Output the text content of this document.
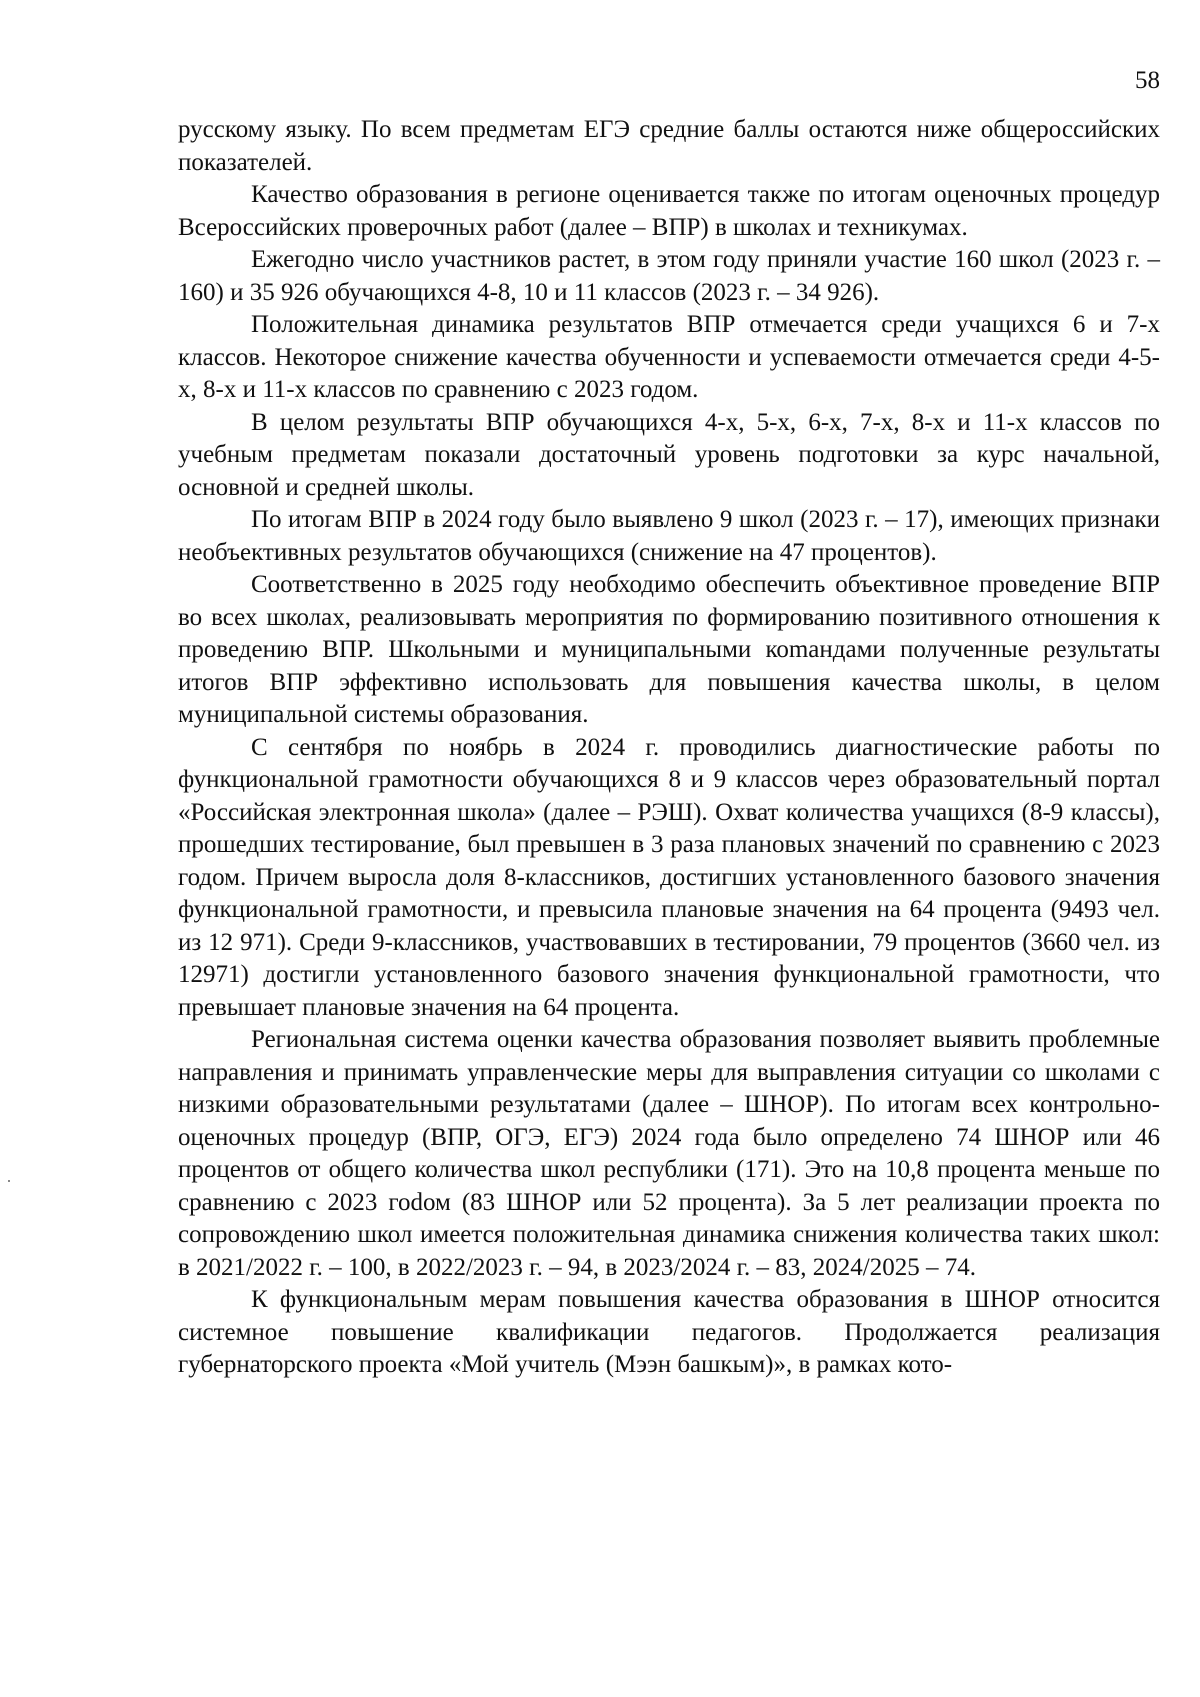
58

русскому языку. По всем предметам ЕГЭ средние баллы остаются ниже общероссийских показателей.

Качество образования в регионе оценивается также по итогам оценочных процедур Всероссийских проверочных работ (далее – ВПР) в школах и техникумах.

Ежегодно число участников растет, в этом году приняли участие 160 школ (2023 г. – 160) и 35 926 обучающихся 4-8, 10 и 11 классов (2023 г. – 34 926).

Положительная динамика результатов ВПР отмечается среди учащихся 6 и 7-х классов. Некоторое снижение качества обученности и успеваемости отмечается среди 4-5-х, 8-х и 11-х классов по сравнению с 2023 годом.

В целом результаты ВПР обучающихся 4-х, 5-х, 6-х, 7-х, 8-х и 11-х классов по учебным предметам показали достаточный уровень подготовки за курс начальной, основной и средней школы.

По итогам ВПР в 2024 году было выявлено 9 школ (2023 г. – 17), имеющих признаки необъективных результатов обучающихся (снижение на 47 процентов).

Соответственно в 2025 году необходимо обеспечить объективное проведение ВПР во всех школах, реализовывать мероприятия по формированию позитивного отношения к проведению ВПР. Школьными и муниципальными коmандами полученные результаты итогов ВПР эффективно использовать для повышения качества школы, в целом муниципальной системы образования.

С сентября по ноябрь в 2024 г. проводились диагностические работы по функциональной грамотности обучающихся 8 и 9 классов через образовательный портал «Российская электронная школа» (далее – РЭШ). Охват количества учащихся (8-9 классы), прошедших тестирование, был превышен в 3 раза плановых значений по сравнению с 2023 годом. Причем выросла доля 8-классников, достигших установленного базового значения функциональной грамотности, и превысила плановые значения на 64 процента (9493 чел. из 12 971). Среди 9-классников, участвовавших в тестировании, 79 процентов (3660 чел. из 12971) достигли установленного базового значения функциональной грамотности, что превышает плановые значения на 64 процента.

Региональная система оценки качества образования позволяет выявить проблемные направления и принимать управленческие меры для выправления ситуации со школами с низкими образовательными результатами (далее – ШНОР). По итогам всех контрольно-оценочных процедур (ВПР, ОГЭ, ЕГЭ) 2024 года было определено 74 ШНОР или 46 процентов от общего количества школ республики (171). Это на 10,8 процента меньше по сравнению с 2023 гоdом (83 ШНОР или 52 процента). За 5 лет реализации проекта по сопровождению школ имеется положительная динамика снижения количества таких школ: в 2021/2022 г. – 100, в 2022/2023 г. – 94, в 2023/2024 г. – 83, 2024/2025 – 74.

К функциональным мерам повышения качества образования в ШНОР относится системное повышение квалификации педагогов. Продолжается реализация губернаторского проекта «Мой учитель (Мээн башкым)», в рамках кото-
